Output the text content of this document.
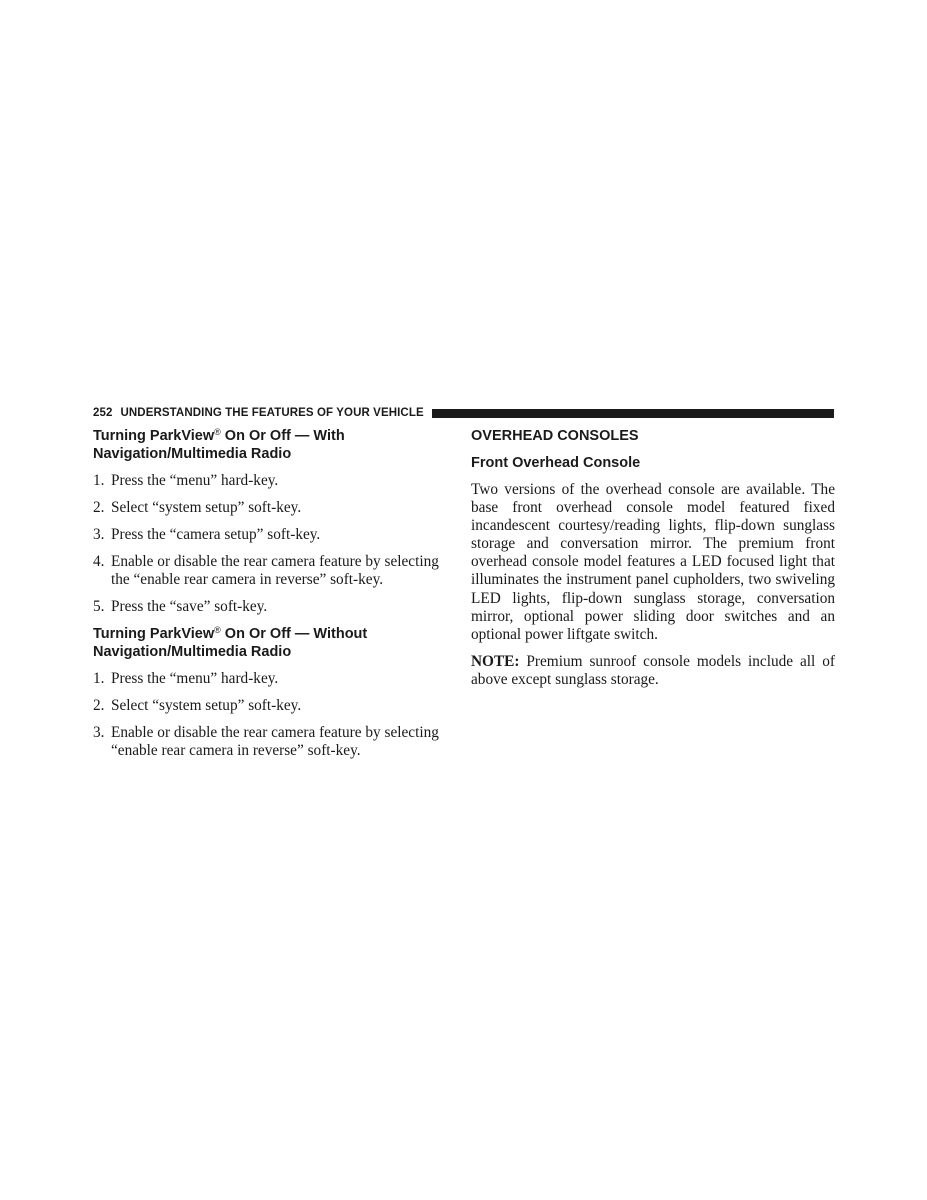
252 UNDERSTANDING THE FEATURES OF YOUR VEHICLE
Turning ParkView® On Or Off — With
Navigation/Multimedia Radio
1. Press the “menu” hard-key.
2. Select “system setup” soft-key.
3. Press the “camera setup” soft-key.
4. Enable or disable the rear camera feature by selecting the “enable rear camera in reverse” soft-key.
5. Press the “save” soft-key.
Turning ParkView® On Or Off — Without
Navigation/Multimedia Radio
1. Press the “menu” hard-key.
2. Select “system setup” soft-key.
3. Enable or disable the rear camera feature by selecting “enable rear camera in reverse” soft-key.
OVERHEAD CONSOLES
Front Overhead Console

Two versions of the overhead console are available. The base front overhead console model featured fixed incandescent courtesy/reading lights, flip-down sunglass storage and conversation mirror. The premium front overhead console model features a LED focused light that illuminates the instrument panel cupholders, two swiveling LED lights, flip-down sunglass storage, conversation mirror, optional power sliding door switches and an optional power liftgate switch.

NOTE: Premium sunroof console models include all of above except sunglass storage.
